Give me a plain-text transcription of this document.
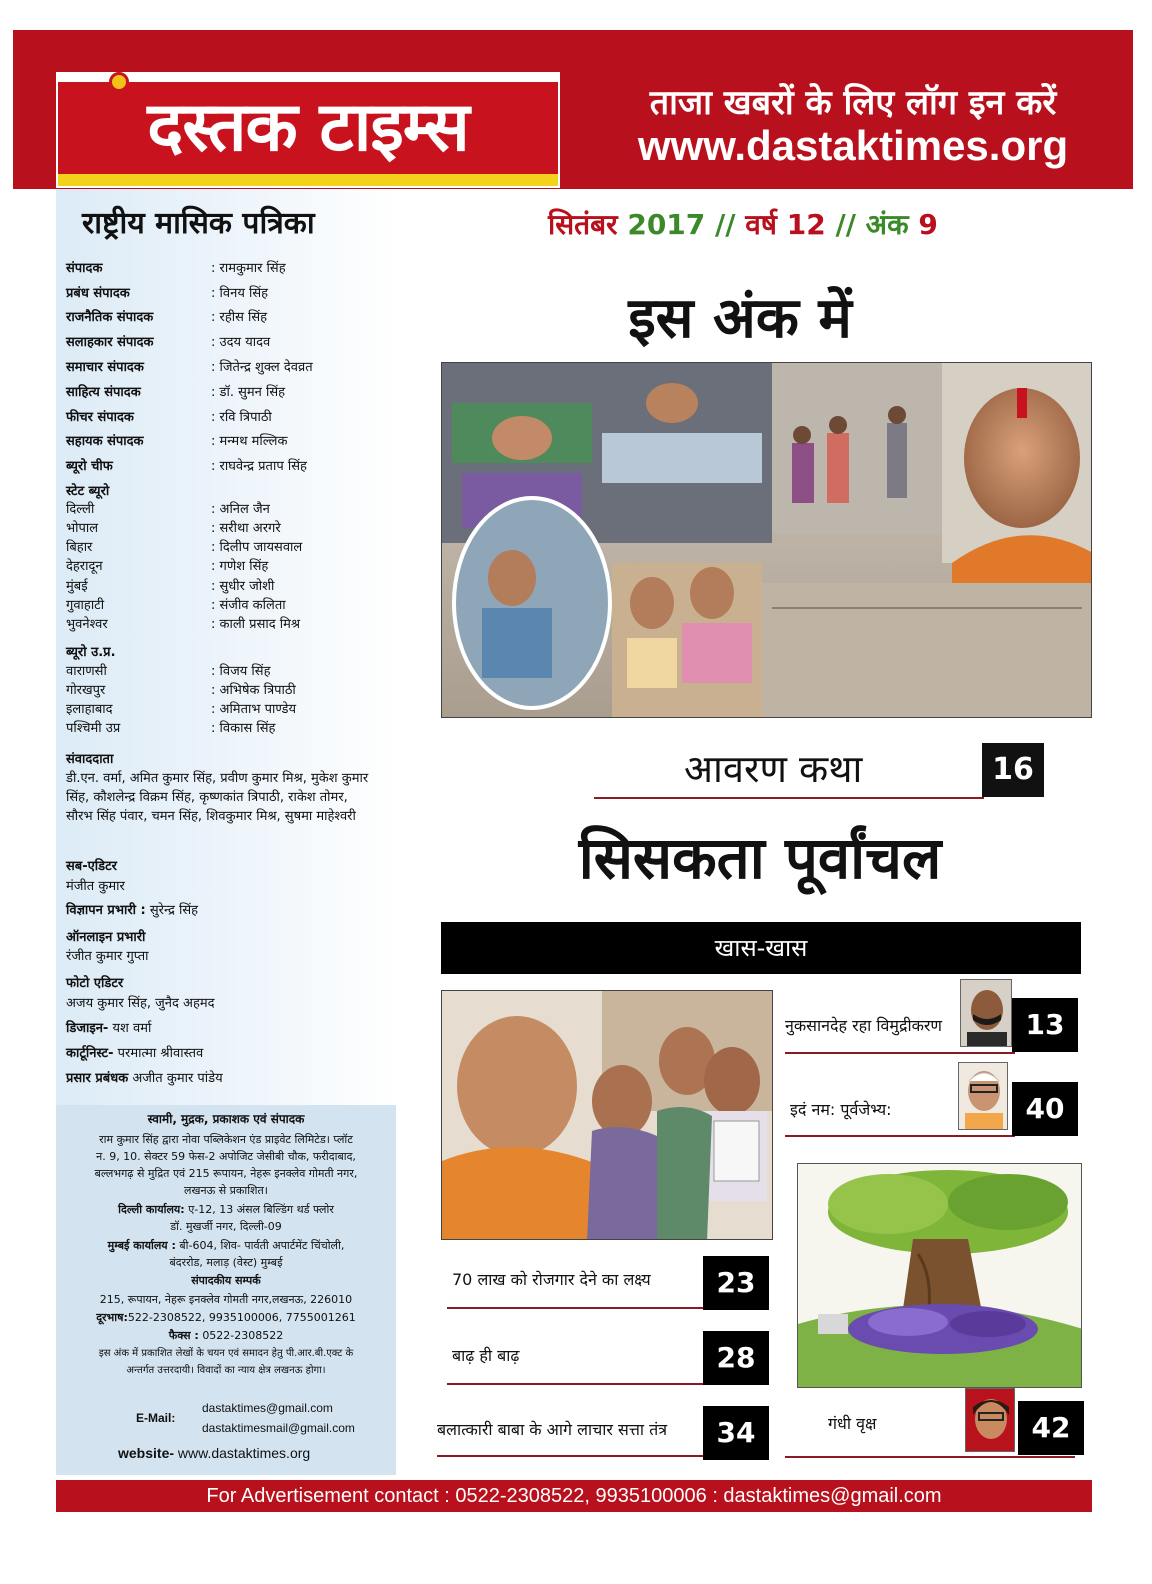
दस्तक टाइम्स	ताजा खबरों के लिए लॉग इन करें
www.dastaktimes.org
राष्ट्रीय मासिक पत्रिका
संपादक	: रामकुमार सिंह
प्रबंध संपादक	: विनय सिंह
राजनैतिक संपादक	: रहीस सिंह
सलाहकार संपादक	: उदय यादव
समाचार संपादक	: जितेन्द्र शुक्ल देवव्रत
साहित्य संपादक	: डॉ. सुमन सिंह
फीचर संपादक	: रवि त्रिपाठी
सहायक संपादक	: मन्मथ मल्लिक
ब्यूरो चीफ	: राघवेन्द्र प्रताप सिंह
स्टेट ब्यूरो
दिल्ली	: अनिल जैन
भोपाल	: सरीथा अरगरे
बिहार	: दिलीप जायसवाल
देहरादून	: गणेश सिंह
मुंबई	: सुधीर जोशी
गुवाहाटी	: संजीव कलिता
भुवनेश्वर	: काली प्रसाद मिश्र
ब्यूरो उ.प्र.
वाराणसी	: विजय सिंह
गोरखपुर	: अभिषेक त्रिपाठी
इलाहाबाद	: अमिताभ पाण्डेय
पश्चिमी उप्र	: विकास सिंह
संवाददाता
डी.एन. वर्मा, अमित कुमार सिंह, प्रवीण कुमार मिश्र, मुकेश कुमार सिंह, कौशलेन्द्र विक्रम सिंह, कृष्णकांत त्रिपाठी, राकेश तोमर, सौरभ सिंह पंवार, चमन सिंह, शिवकुमार मिश्र, सुषमा माहेश्वरी
सब-एडिटर
मंजीत कुमार
विज्ञापन प्रभारी : सुरेन्द्र सिंह
ऑनलाइन प्रभारी
रंजीत कुमार गुप्ता
फोटो एडिटर
अजय कुमार सिंह, जुनैद अहमद
डिजाइन- यश वर्मा
कार्टूनिस्ट- परमात्मा श्रीवास्तव
प्रसार प्रबंधक अजीत कुमार पांडेय
स्वामी, मुद्रक, प्रकाशक एवं संपादक
राम कुमार सिंह द्वारा नोवा पब्लिकेशन एंड प्राइवेट लिमिटेड। प्लॉट
न. 9, 10. सेक्टर 59 फेस-2 अपोजिट जेसीबी चौक, फरीदाबाद,
बल्लभगढ़ से मुद्रित एवं 215 रूपायन, नेहरू इनक्लेव गोमती नगर,
लखनऊ से प्रकाशित।
दिल्ली कार्यालय: ए-12, 13 अंसल बिल्डिंग थर्ड फ्लोर
डॉ. मुखर्जी नगर, दिल्ली-09
मुम्बई कार्यालय : बी-604, शिव- पार्वती अपार्टमेंट चिंचोली,
बंदररोड, मलाड़ (वेस्ट) मुम्बई
संपादकीय सम्पर्क
215, रूपायन, नेहरू इनक्लेव गोमती नगर,लखनऊ, 226010
दूरभाष:522-2308522, 9935100006, 7755001261
फैक्स : 0522-2308522
इस अंक में प्रकाशित लेखों के चयन एवं समादन हेतु पी.आर.बी.एक्ट के
अन्तर्गत उत्तरदायी। विवादों का न्याय क्षेत्र लखनऊ होगा।
E-Mail:
dastaktimes@gmail.com
dastaktimesmail@gmail.com
website- www.dastaktimes.org
सितंबर 2017 // वर्ष 12 // अंक 9
इस अंक में
आवरण कथा	16
सिसकता पूर्वांचल
खास-खास
70 लाख को रोजगार देने का लक्ष्य	23
बाढ़ ही बाढ़	28
बलात्कारी बाबा के आगे लाचार सत्ता तंत्र	34
नुकसानदेह रहा विमुद्रीकरण	13
इदं नम: पूर्वजेभ्य:	40
गंधी वृक्ष	42
For Advertisement contact : 0522-2308522, 9935100006 : dastaktimes@gmail.com
